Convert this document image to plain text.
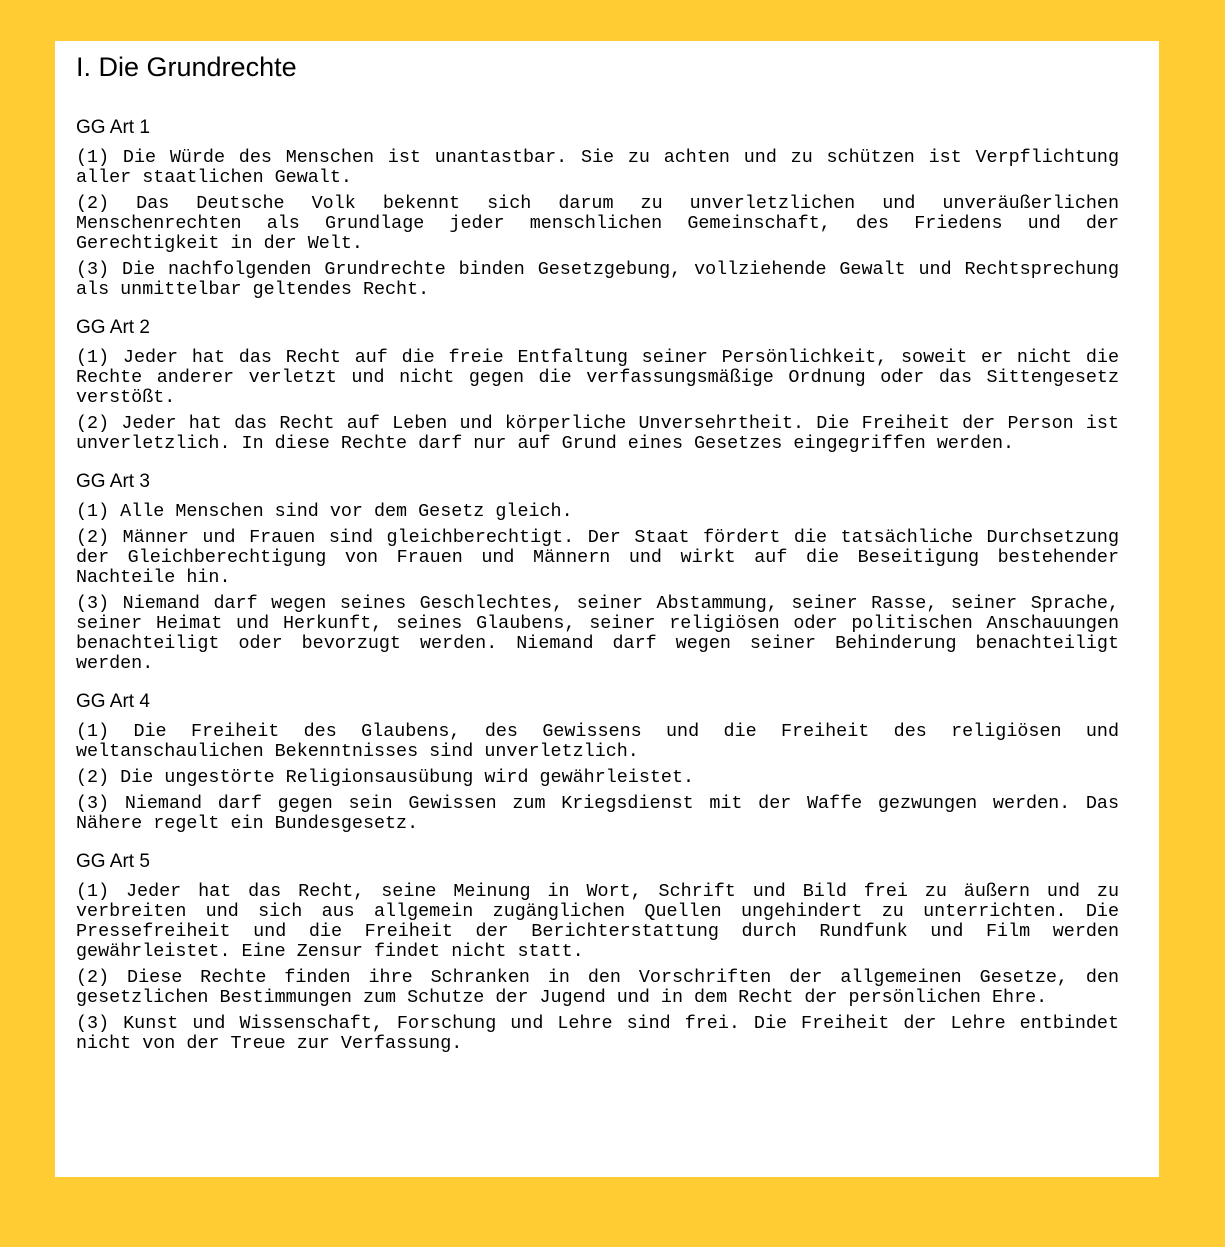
I. Die Grundrechte
GG Art 1

(1) Die Würde des Menschen ist unantastbar. Sie zu achten und zu schützen ist Verpflichtung aller staatlichen Gewalt.

(2) Das Deutsche Volk bekennt sich darum zu unverletzlichen und unveräußerlichen Menschenrechten als Grundlage jeder menschlichen Gemeinschaft, des Friedens und der Gerechtigkeit in der Welt.

(3) Die nachfolgenden Grundrechte binden Gesetzgebung, vollziehende Gewalt und Rechtsprechung als unmittelbar geltendes Recht.

GG Art 2

(1) Jeder hat das Recht auf die freie Entfaltung seiner Persönlichkeit, soweit er nicht die Rechte anderer verletzt und nicht gegen die verfassungsmäßige Ordnung oder das Sittengesetz verstößt.

(2) Jeder hat das Recht auf Leben und körperliche Unversehrtheit. Die Freiheit der Person ist unverletzlich. In diese Rechte darf nur auf Grund eines Gesetzes eingegriffen werden.

GG Art 3

(1) Alle Menschen sind vor dem Gesetz gleich.

(2) Männer und Frauen sind gleichberechtigt. Der Staat fördert die tatsächliche Durchsetzung der Gleichberechtigung von Frauen und Männern und wirkt auf die Beseitigung bestehender Nachteile hin.

(3) Niemand darf wegen seines Geschlechtes, seiner Abstammung, seiner Rasse, seiner Sprache, seiner Heimat und Herkunft, seines Glaubens, seiner religiösen oder politischen Anschauungen benachteiligt oder bevorzugt werden. Niemand darf wegen seiner Behinderung benachteiligt werden.

GG Art 4

(1) Die Freiheit des Glaubens, des Gewissens und die Freiheit des religiösen und weltanschaulichen Bekenntnisses sind unverletzlich.

(2) Die ungestörte Religionsausübung wird gewährleistet.

(3) Niemand darf gegen sein Gewissen zum Kriegsdienst mit der Waffe gezwungen werden. Das Nähere regelt ein Bundesgesetz.

GG Art 5

(1) Jeder hat das Recht, seine Meinung in Wort, Schrift und Bild frei zu äußern und zu verbreiten und sich aus allgemein zugänglichen Quellen ungehindert zu unterrichten. Die Pressefreiheit und die Freiheit der Berichterstattung durch Rundfunk und Film werden gewährleistet. Eine Zensur findet nicht statt.

(2) Diese Rechte finden ihre Schranken in den Vorschriften der allgemeinen Gesetze, den gesetzlichen Bestimmungen zum Schutze der Jugend und in dem Recht der persönlichen Ehre.

(3) Kunst und Wissenschaft, Forschung und Lehre sind frei. Die Freiheit der Lehre entbindet nicht von der Treue zur Verfassung.
